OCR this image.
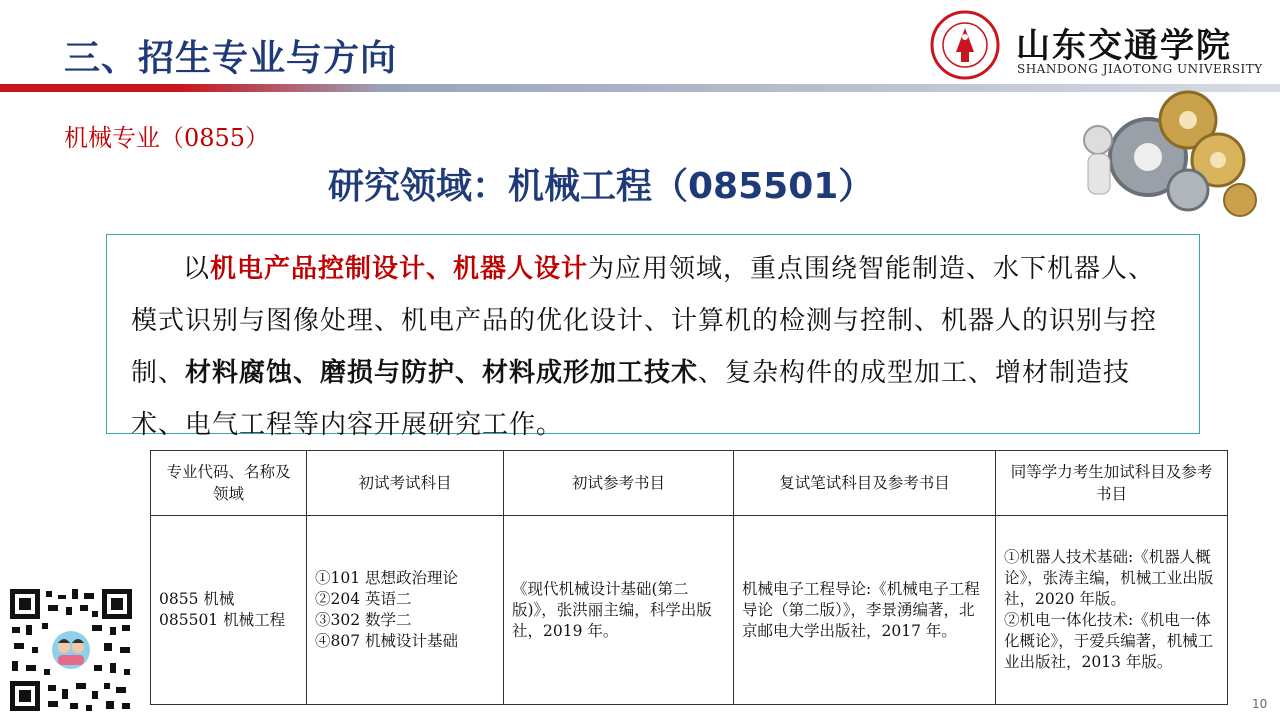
三、招生专业与方向	山东交通学院
SHANDONG JIAOTONG UNIVERSITY
机械专业（0855）
研究领域：机械工程（085501）
以机电产品控制设计、机器人设计为应用领域，重点围绕智能制造、水下机器人、模式识别与图像处理、机电产品的优化设计、计算机的检测与控制、机器人的识别与控制、材料腐蚀、磨损与防护、材料成形加工技术、复杂构件的成型加工、增材制造技术、电气工程等内容开展研究工作。
专业代码、名称及领域	初试考试科目	初试参考书目	复试笔试科目及参考书目	同等学力考生加试科目及参考书目

0855 机械
085501 机械工程	①101 思想政治理论
②204 英语二
③302 数学二
④807 机械设计基础	《现代机械设计基础(第二版)》，张洪丽主编，科学出版社，2019 年。	机械电子工程导论:《机械电子工程导论（第二版）》，李景湧编著，北京邮电大学出版社，2017 年。	①机器人技术基础:《机器人概论》，张涛主编，机械工业出版社，2020 年版。
②机电一体化技术:《机电一体化概论》，于爱兵编著，机械工业出版社，2013 年版。
10
